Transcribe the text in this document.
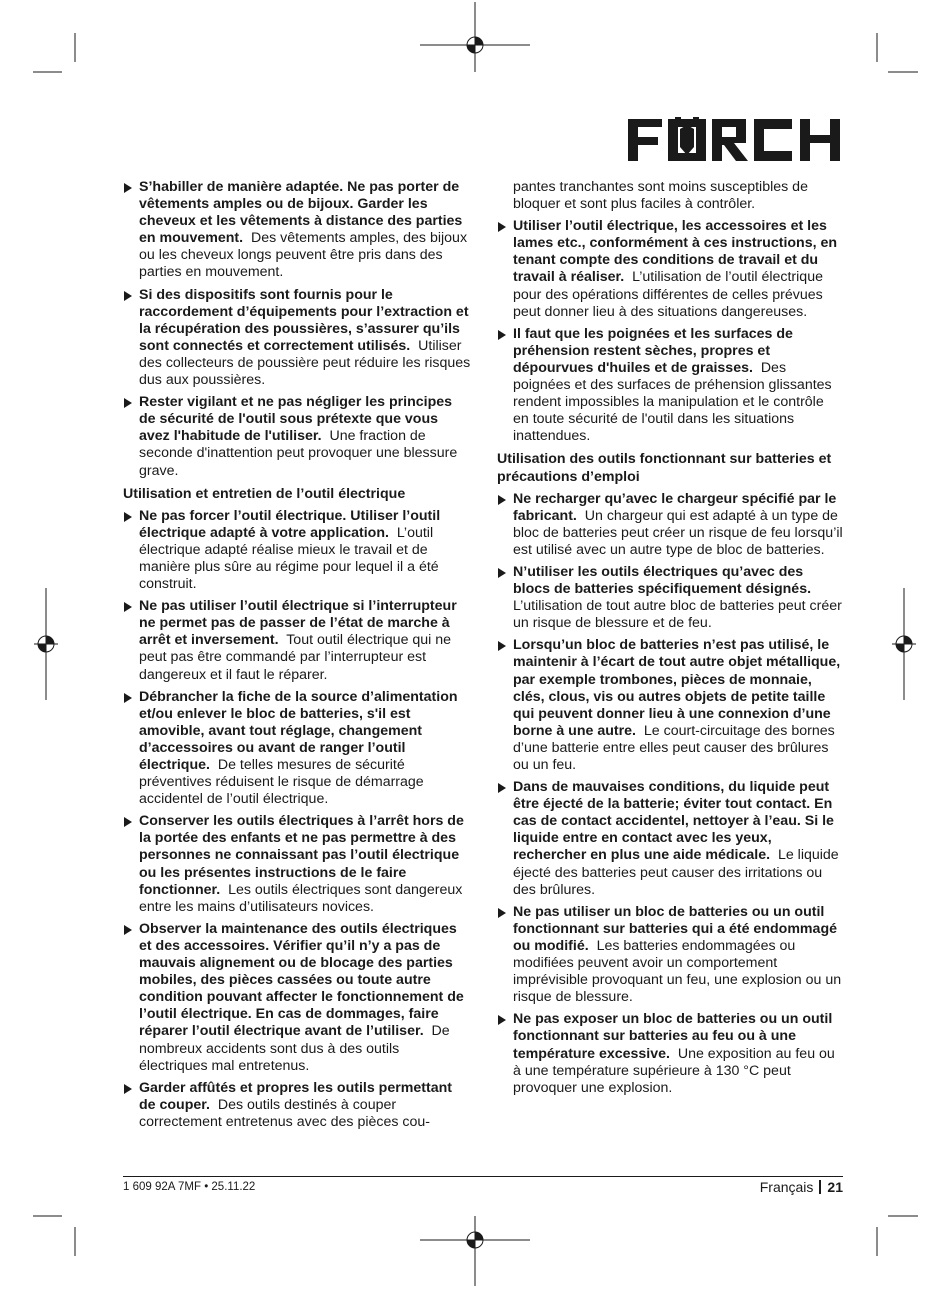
S’habiller de manière adaptée. Ne pas porter de vêtements amples ou de bijoux. Garder les cheveux et les vêtements à distance des parties en mouvement. Des vêtements amples, des bijoux ou les cheveux longs peuvent être pris dans des parties en mouvement.

Si des dispositifs sont fournis pour le raccordement d’équipements pour l’extraction et la récupération des poussières, s’assurer qu’ils sont connectés et correctement utilisés. Utiliser des collecteurs de poussière peut réduire les risques dus aux poussières.

Rester vigilant et ne pas négliger les principes de sécurité de l'outil sous prétexte que vous avez l'habitude de l'utiliser. Une fraction de seconde d'inattention peut provoquer une blessure grave.

Utilisation et entretien de l’outil électrique

Ne pas forcer l’outil électrique. Utiliser l’outil électrique adapté à votre application. L’outil électrique adapté réalise mieux le travail et de manière plus sûre au régime pour lequel il a été construit.

Ne pas utiliser l’outil électrique si l’interrupteur ne permet pas de passer de l’état de marche à arrêt et inversement. Tout outil électrique qui ne peut pas être commandé par l’interrupteur est dangereux et il faut le réparer.

Débrancher la fiche de la source d’alimentation et/ou enlever le bloc de batteries, s'il est amovible, avant tout réglage, changement d’accessoires ou avant de ranger l’outil électrique. De telles mesures de sécurité préventives réduisent le risque de démarrage accidentel de l’outil électrique.

Conserver les outils électriques à l’arrêt hors de la portée des enfants et ne pas permettre à des personnes ne connaissant pas l’outil électrique ou les présentes instructions de le faire fonctionner. Les outils électriques sont dangereux entre les mains d’utilisateurs novices.

Observer la maintenance des outils électriques et des accessoires. Vérifier qu’il n’y a pas de mauvais alignement ou de blocage des parties mobiles, des pièces cassées ou toute autre condition pouvant affecter le fonctionnement de l’outil électrique. En cas de dommages, faire réparer l’outil électrique avant de l’utiliser. De nombreux accidents sont dus à des outils électriques mal entretenus.

Garder affûtés et propres les outils permettant de couper. Des outils destinés à couper correctement entretenus avec des pièces cou-

pantes tranchantes sont moins susceptibles de bloquer et sont plus faciles à contrôler.

Utiliser l’outil électrique, les accessoires et les lames etc., conformément à ces instructions, en tenant compte des conditions de travail et du travail à réaliser. L’utilisation de l’outil électrique pour des opérations différentes de celles prévues peut donner lieu à des situations dangereuses.

Il faut que les poignées et les surfaces de préhension restent sèches, propres et dépourvues d'huiles et de graisses. Des poignées et des surfaces de préhension glissantes rendent impossibles la manipulation et le contrôle en toute sécurité de l'outil dans les situations inattendues.

Utilisation des outils fonctionnant sur batteries et précautions d’emploi

Ne recharger qu’avec le chargeur spécifié par le fabricant. Un chargeur qui est adapté à un type de bloc de batteries peut créer un risque de feu lorsqu’il est utilisé avec un autre type de bloc de batteries.

N’utiliser les outils électriques qu’avec des blocs de batteries spécifiquement désignés.  L’utilisation de tout autre bloc de batteries peut créer un risque de blessure et de feu.

Lorsqu’un bloc de batteries n’est pas utilisé, le maintenir à l’écart de tout autre objet métallique, par exemple trombones, pièces de monnaie, clés, clous, vis ou autres objets de petite taille qui peuvent donner lieu à une connexion d’une borne à une autre. Le court-circuitage des bornes d’une batterie entre elles peut causer des brûlures ou un feu.

Dans de mauvaises conditions, du liquide peut être éjecté de la batterie; éviter tout contact. En cas de contact accidentel, nettoyer à l’eau. Si le liquide entre en contact avec les yeux, rechercher en plus une aide médicale. Le liquide éjecté des batteries peut causer des irritations ou des brûlures.

Ne pas utiliser un bloc de batteries ou un outil fonctionnant sur batteries qui a été endommagé ou modifié. Les batteries endommagées ou modifiées peuvent avoir un comportement imprévisible provoquant un feu, une explosion ou un risque de blessure.

Ne pas exposer un bloc de batteries ou un outil fonctionnant sur batteries au feu ou à une température excessive. Une exposition au feu ou à une température supérieure à 130 °C peut provoquer une explosion.

1 609 92A 7MF • 25.11.22	Français 21
